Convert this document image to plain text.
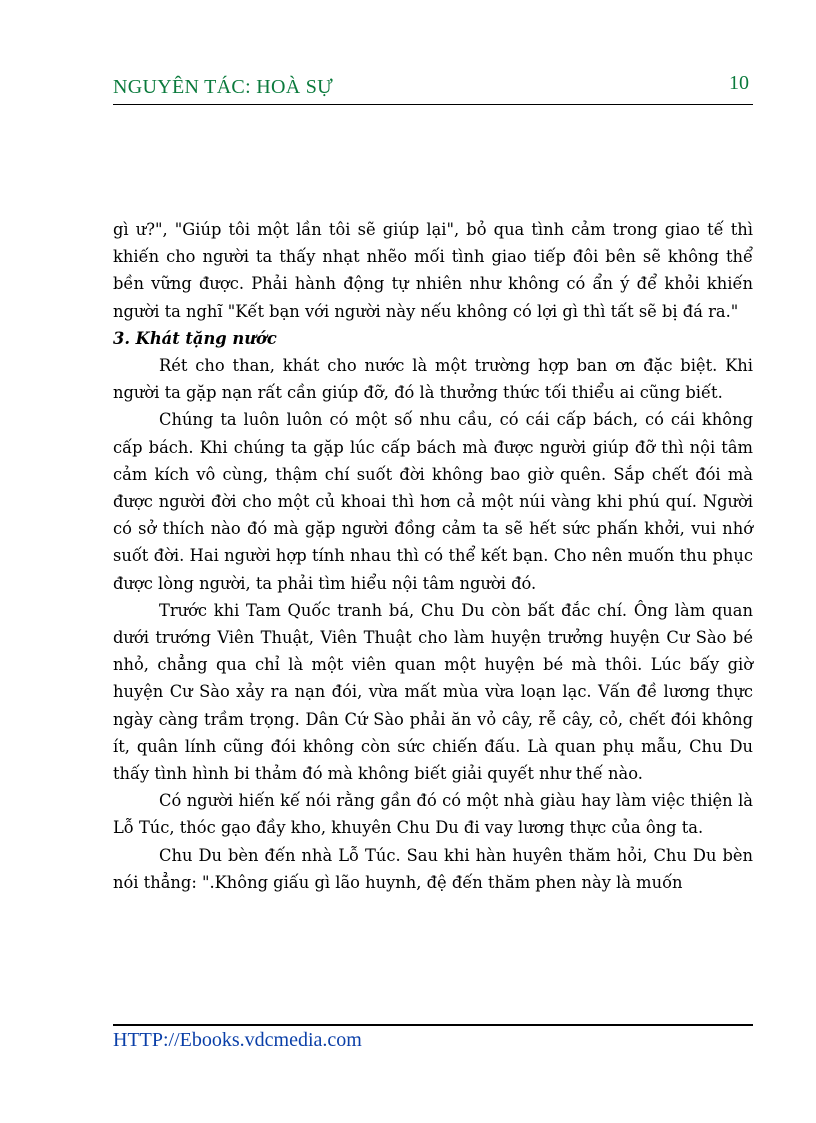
NGUYÊN TÁC: HOÀ SỰ	10

gì ư?", "Giúp tôi một lần tôi sẽ giúp lại", bỏ qua tình cảm trong giao tế thì khiến cho người ta thấy nhạt nhẽo mối tình giao tiếp đôi bên sẽ không thể bền vững được. Phải hành động tự nhiên như không có ẩn ý để khỏi khiến người ta nghĩ "Kết bạn với người này nếu không có lợi gì thì tất sẽ bị đá ra."

3. Khát tặng nước

Rét cho than, khát cho nước là một trường hợp ban ơn đặc biệt. Khi người ta gặp nạn rất cần giúp đỡ, đó là thưởng thức tối thiểu ai cũng biết.

Chúng ta luôn luôn có một số nhu cầu, có cái cấp bách, có cái không cấp bách. Khi chúng ta gặp lúc cấp bách mà được người giúp đỡ thì nội tâm cảm kích vô cùng, thậm chí suốt đời không bao giờ quên. Sắp chết đói mà được người đời cho một củ khoai thì hơn cả một núi vàng khi phú quí. Người có sở thích nào đó mà gặp người đồng cảm ta sẽ hết sức phấn khởi, vui nhớ suốt đời. Hai người hợp tính nhau thì có thể kết bạn. Cho nên muốn thu phục được lòng người, ta phải tìm hiểu nội tâm người đó.

Trước khi Tam Quốc tranh bá, Chu Du còn bất đắc chí. Ông làm quan dưới trướng Viên Thuật, Viên Thuật cho làm huyện trưởng huyện Cư Sào bé nhỏ, chẳng qua chỉ là một viên quan một huyện bé mà thôi. Lúc bấy giờ huyện Cư Sào xảy ra nạn đói, vừa mất mùa vừa loạn lạc. Vấn đề lương thực ngày càng trầm trọng. Dân Cứ Sào phải ăn vỏ cây, rễ cây, cỏ, chết đói không ít, quân lính cũng đói không còn sức chiến đấu. Là quan phụ mẫu, Chu Du thấy tình hình bi thảm đó mà không biết giải quyết như thế nào.

Có người hiến kế nói rằng gần đó có một nhà giàu hay làm việc thiện là Lỗ Túc, thóc gạo đầy kho, khuyên Chu Du đi vay lương thực của ông ta.

Chu Du bèn đến nhà Lỗ Túc. Sau khi hàn huyên thăm hỏi, Chu Du bèn nói thẳng: ".Không giấu gì lão huynh, đệ đến thăm phen này là muốn

HTTP://Ebooks.vdcmedia.com
